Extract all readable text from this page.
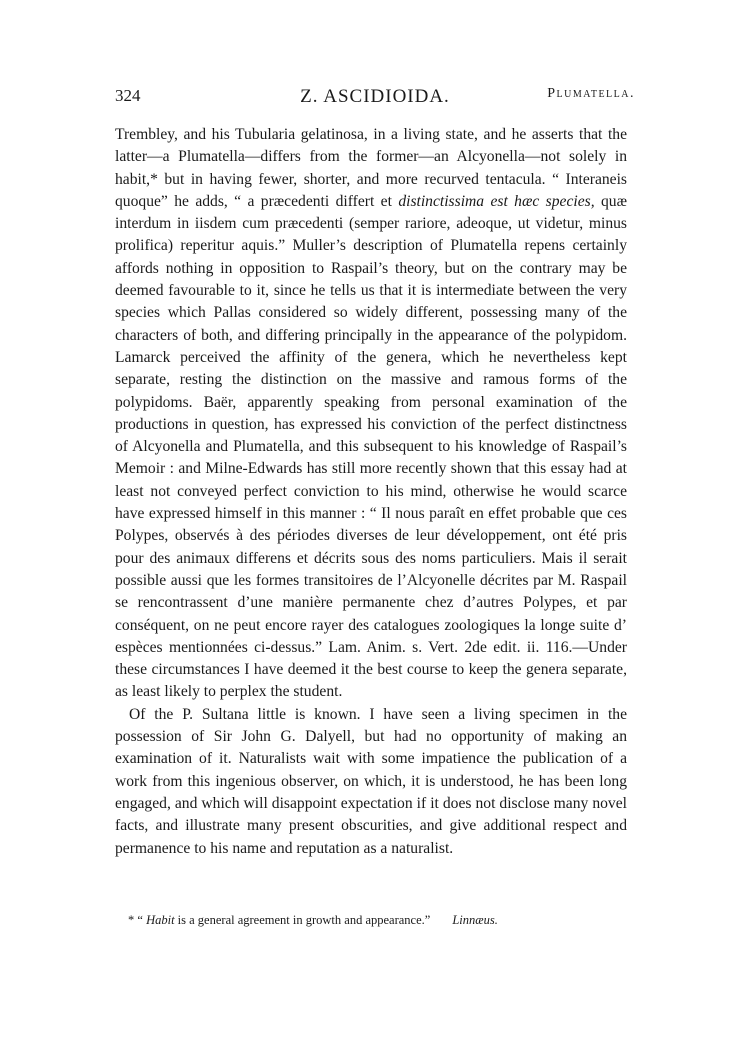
324	Z. ASCIDIOIDA.	Plumatella.

Trembley, and his Tubularia gelatinosa, in a living state, and he asserts that the latter—a Plumatella—differs from the former—an Alcyonella—not solely in habit,* but in having fewer, shorter, and more recurved tentacula. “ Interaneis quoque” he adds, “ a præcedenti differt et distinctissima est hæc species, quæ interdum in iisdem cum præcedenti (semper rariore, adeoque, ut videtur, minus prolifica) reperitur aquis.” Muller’s description of Plumatella repens certainly affords nothing in opposition to Raspail’s theory, but on the contrary may be deemed favourable to it, since he tells us that it is intermediate between the very species which Pallas considered so widely different, possessing many of the characters of both, and differing principally in the appearance of the polypidom. Lamarck perceived the affinity of the genera, which he nevertheless kept separate, resting the distinction on the massive and ramous forms of the polypidoms. Baër, apparently speaking from personal examination of the productions in question, has expressed his conviction of the perfect distinctness of Alcyonella and Plumatella, and this subsequent to his knowledge of Raspail’s Memoir : and Milne-Edwards has still more recently shown that this essay had at least not conveyed perfect conviction to his mind, otherwise he would scarce have expressed himself in this manner : “ Il nous paraît en effet probable que ces Polypes, observés à des périodes diverses de leur développement, ont été pris pour des animaux differens et décrits sous des noms particuliers. Mais il serait possible aussi que les formes transitoires de l’Alcyonelle décrites par M. Raspail se rencontrassent d’une manière permanente chez d’autres Polypes, et par conséquent, on ne peut encore rayer des catalogues zoologiques la longe suite d’ espèces mentionnées ci-dessus.” Lam. Anim. s. Vert. 2de edit. ii. 116.—Under these circumstances I have deemed it the best course to keep the genera separate, as least likely to perplex the student.

Of the P. Sultana little is known. I have seen a living specimen in the possession of Sir John G. Dalyell, but had no opportunity of making an examination of it. Naturalists wait with some impatience the publication of a work from this ingenious observer, on which, it is understood, he has been long engaged, and which will disappoint expectation if it does not disclose many novel facts, and illustrate many present obscurities, and give additional respect and permanence to his name and reputation as a naturalist.

* “ Habit is a general agreement in growth and appearance.” Linnæus.
